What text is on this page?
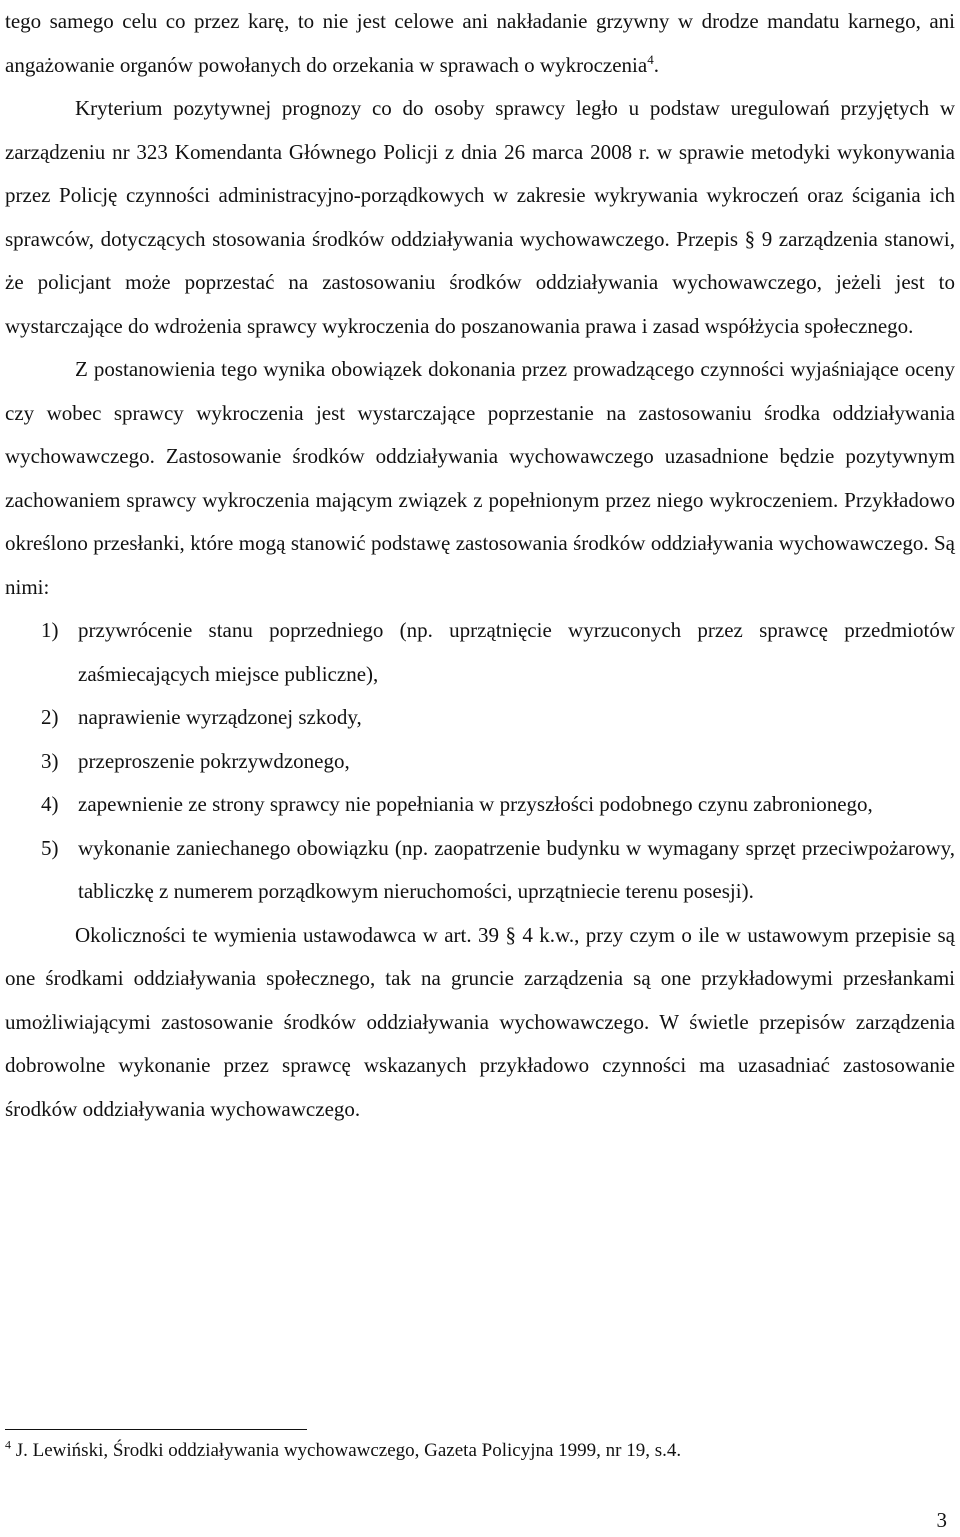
tego samego celu co przez karę, to nie jest celowe ani nakładanie grzywny w drodze mandatu karnego, ani angażowanie organów powołanych do orzekania w sprawach o wykroczenia$^4$.

Kryterium pozytywnej prognozy co do osoby sprawcy legło u podstaw uregulowań przyjętych w zarządzeniu nr 323 Komendanta Głównego Policji z dnia 26 marca 2008 r. w sprawie metodyki wykonywania przez Policję czynności administracyjno-porządkowych w zakresie wykrywania wykroczeń oraz ścigania ich sprawców, dotyczących stosowania środków oddziaływania wychowawczego. Przepis § 9 zarządzenia stanowi, że policjant może poprzestać na zastosowaniu środków oddziaływania wychowawczego, jeżeli jest to wystarczające do wdrożenia sprawcy wykroczenia do poszanowania prawa i zasad współżycia społecznego.

Z postanowienia tego wynika obowiązek dokonania przez prowadzącego czynności wyjaśniające oceny czy wobec sprawcy wykroczenia jest wystarczające poprzestanie na zastosowaniu środka oddziaływania wychowawczego. Zastosowanie środków oddziaływania wychowawczego uzasadnione będzie pozytywnym zachowaniem sprawcy wykroczenia mającym związek z popełnionym przez niego wykroczeniem. Przykładowo określono przesłanki, które mogą stanowić podstawę zastosowania środków oddziaływania wychowawczego. Są nimi:

1) przywrócenie stanu poprzedniego (np. uprzątnięcie wyrzuconych przez sprawcę przedmiotów zaśmiecających miejsce publiczne),
2) naprawienie wyrządzonej szkody,
3) przeproszenie pokrzywdzonego,
4) zapewnienie ze strony sprawcy nie popełniania w przyszłości podobnego czynu zabronionego,
5) wykonanie zaniechanego obowiązku (np. zaopatrzenie budynku w wymagany sprzęt przeciwpożarowy, tabliczkę z numerem porządkowym nieruchomości, uprzątniecie terenu posesji).

Okoliczności te wymienia ustawodawca w art. 39 § 4 k.w., przy czym o ile w ustawowym przepisie są one środkami oddziaływania społecznego, tak na gruncie zarządzenia są one przykładowymi przesłankami umożliwiającymi zastosowanie środków oddziaływania wychowawczego. W świetle przepisów zarządzenia dobrowolne wykonanie przez sprawcę wskazanych przykładowo czynności ma uzasadniać zastosowanie środków oddziaływania wychowawczego.

$^4$ J. Lewiński, Środki oddziaływania wychowawczego, Gazeta Policyjna 1999, nr 19, s.4.

3
